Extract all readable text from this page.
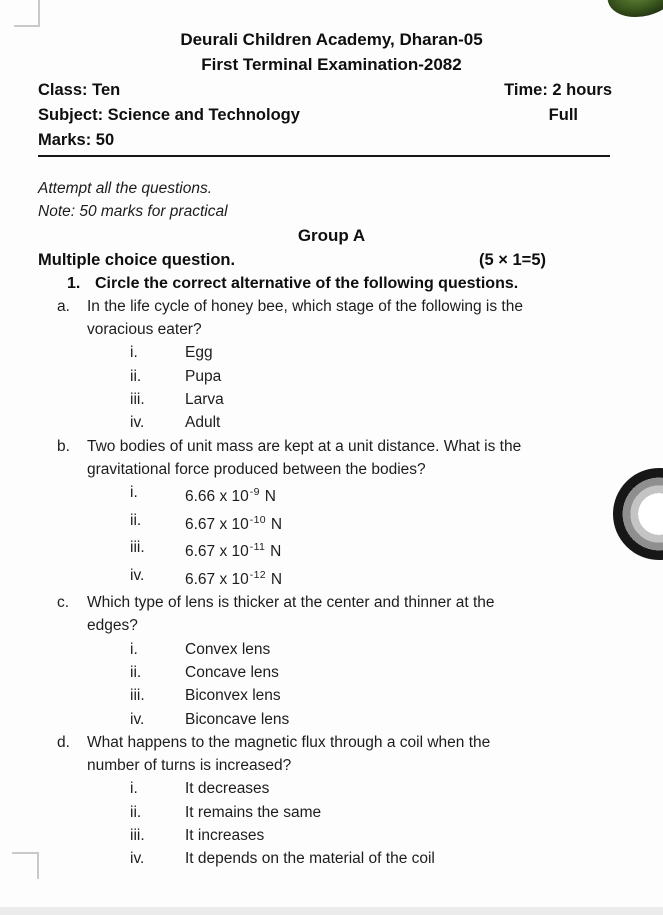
Deurali Children Academy, Dharan-05
First Terminal Examination-2082
Class: Ten	Time: 2 hours
Subject: Science and Technology	Full
Marks: 50
Attempt all the questions.
Note: 50 marks for practical
Group A
Multiple choice question.	(5 × 1=5)
1. Circle the correct alternative of the following questions.
a.	In the life cycle of honey bee, which stage of the following is the
voracious eater?
i.	Egg
ii.	Pupa
iii.	Larva
iv.	Adult
b.	Two bodies of unit mass are kept at a unit distance. What is the
gravitational force produced between the bodies?
i.	6.66 x $10^{-9}$ N
ii.	6.67 x $10^{-10}$ N
iii.	6.67 x $10^{-11}$ N
iv.	6.67 x $10^{-12}$ N
c.	Which type of lens is thicker at the center and thinner at the
edges?
i.	Convex lens
ii.	Concave lens
iii.	Biconvex lens
iv.	Biconcave lens
d.	What happens to the magnetic flux through a coil when the
number of turns is increased?
i.	It decreases
ii.	It remains the same
iii.	It increases
iv.	It depends on the material of the coil
